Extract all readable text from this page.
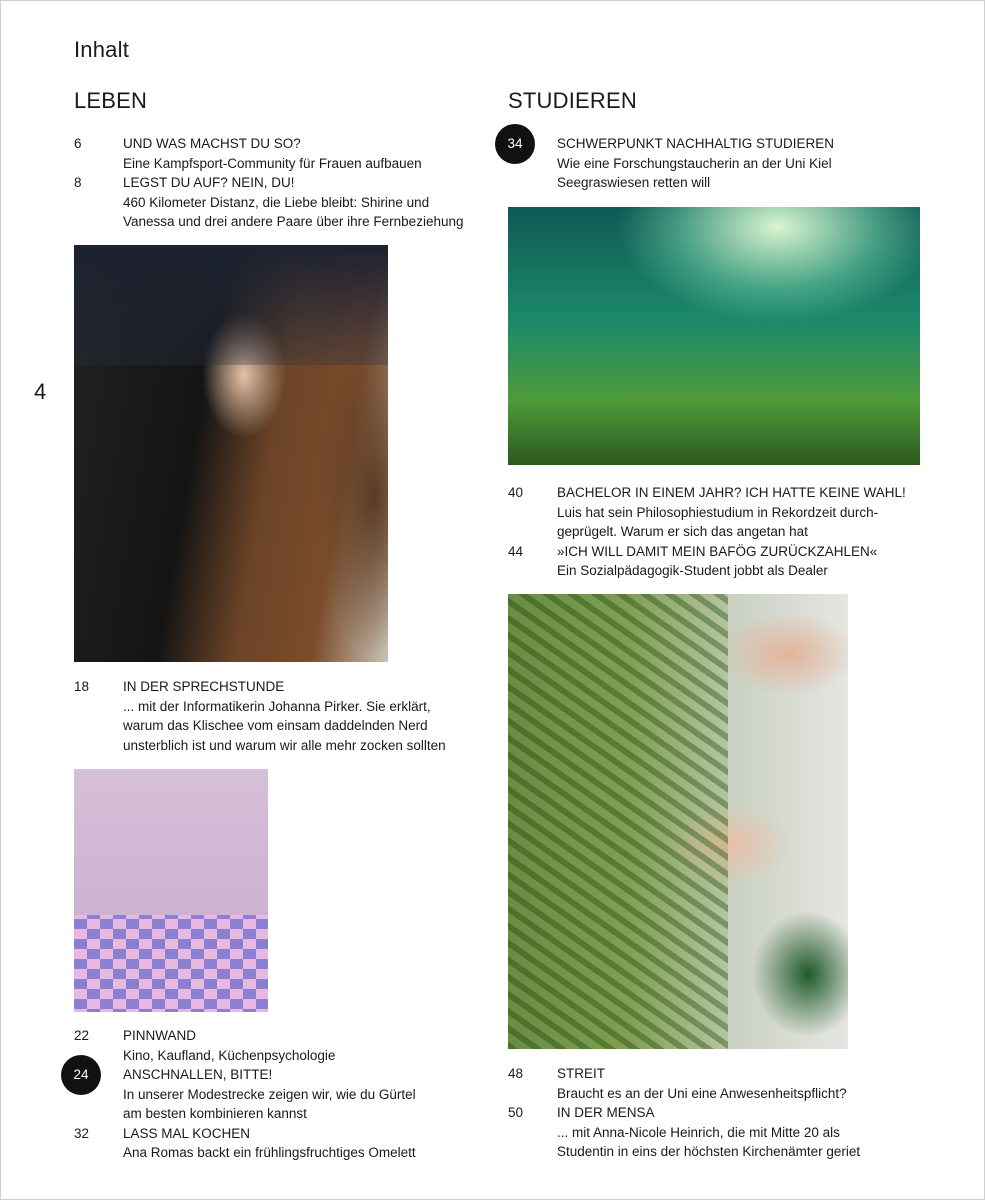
Inhalt
4
LEBEN	STUDIEREN
6	UND WAS MACHST DU SO?
Eine Kampfsport-Community für Frauen aufbauen
8	LEGST DU AUF? NEIN, DU!
460 Kilometer Distanz, die Liebe bleibt: Shirine und
Vanessa und drei andere Paare über ihre Fernbeziehung
18	IN DER SPRECHSTUNDE
... mit der Informatikerin Johanna Pirker. Sie erklärt,
warum das Klischee vom einsam daddelnden Nerd
unsterblich ist und warum wir alle mehr zocken sollten
22	PINNWAND
Kino, Kaufland, Küchenpsychologie
24	ANSCHNALLEN, BITTE!
In unserer Modestrecke zeigen wir, wie du Gürtel
am besten kombinieren kannst
32	LASS MAL KOCHEN
Ana Romas backt ein frühlingsfruchtiges Omelett
34	SCHWERPUNKT NACHHALTIG STUDIEREN
Wie eine Forschungstaucherin an der Uni Kiel
Seegraswiesen retten will
40	BACHELOR IN EINEM JAHR? ICH HATTE KEINE WAHL!
Luis hat sein Philosophiestudium in Rekordzeit durch-
geprügelt. Warum er sich das angetan hat
44	»ICH WILL DAMIT MEIN BAFÖG ZURÜCKZAHLEN«
Ein Sozialpädagogik-Student jobbt als Dealer
48	STREIT
Braucht es an der Uni eine Anwesenheitspflicht?
50	IN DER MENSA
... mit Anna-Nicole Heinrich, die mit Mitte 20 als
Studentin in eins der höchsten Kirchenämter geriet
